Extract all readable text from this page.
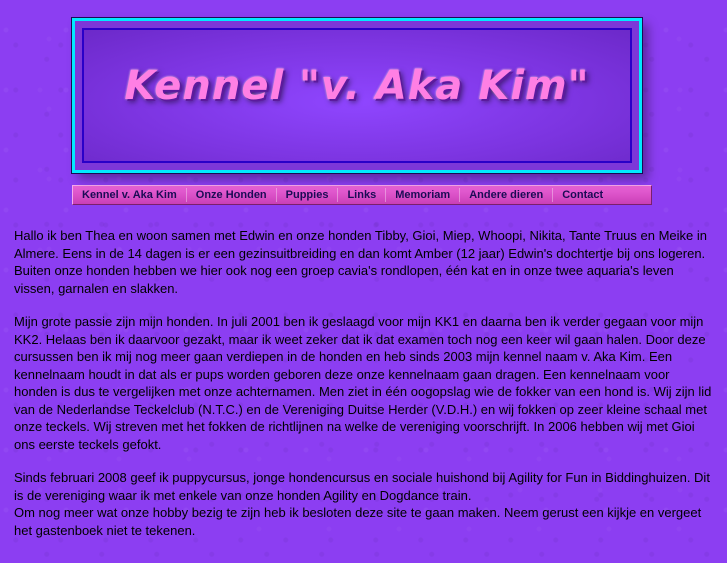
Kennel "v. Aka Kim"
Kennel v. Aka Kim	Onze Honden	Puppies	Links	Memoriam	Andere dieren	Contact

Hallo ik ben Thea en woon samen met Edwin en onze honden Tibby, Gioi, Miep, Whoopi, Nikita, Tante Truus en Meike in Almere. Eens in de 14 dagen is er een gezinsuitbreiding en dan komt Amber (12 jaar) Edwin's dochtertje bij ons logeren. Buiten onze honden hebben we hier ook nog een groep cavia's rondlopen, één kat en in onze twee aquaria's leven vissen, garnalen en slakken.

Mijn grote passie zijn mijn honden. In juli 2001 ben ik geslaagd voor mijn KK1 en daarna ben ik verder gegaan voor mijn KK2. Helaas ben ik daarvoor gezakt, maar ik weet zeker dat ik dat examen toch nog een keer wil gaan halen. Door deze cursussen ben ik mij nog meer gaan verdiepen in de honden en heb sinds 2003 mijn kennel naam v. Aka Kim. Een kennelnaam houdt in dat als er pups worden geboren deze onze kennelnaam gaan dragen. Een kennelnaam voor honden is dus te vergelijken met onze achternamen. Men ziet in één oogopslag wie de fokker van een hond is. Wij zijn lid van de Nederlandse Teckelclub (N.T.C.) en de Vereniging Duitse Herder (V.D.H.) en wij fokken op zeer kleine schaal met onze teckels. Wij streven met het fokken de richtlijnen na welke de vereniging voorschrijft. In 2006 hebben wij met Gioi ons eerste teckels gefokt.

Sinds februari 2008 geef ik puppycursus, jonge hondencursus en sociale huishond bij Agility for Fun in Biddinghuizen. Dit is de vereniging waar ik met enkele van onze honden Agility en Dogdance train.

Om nog meer wat onze hobby bezig te zijn heb ik besloten deze site te gaan maken. Neem gerust een kijkje en vergeet het gastenboek niet te tekenen.
